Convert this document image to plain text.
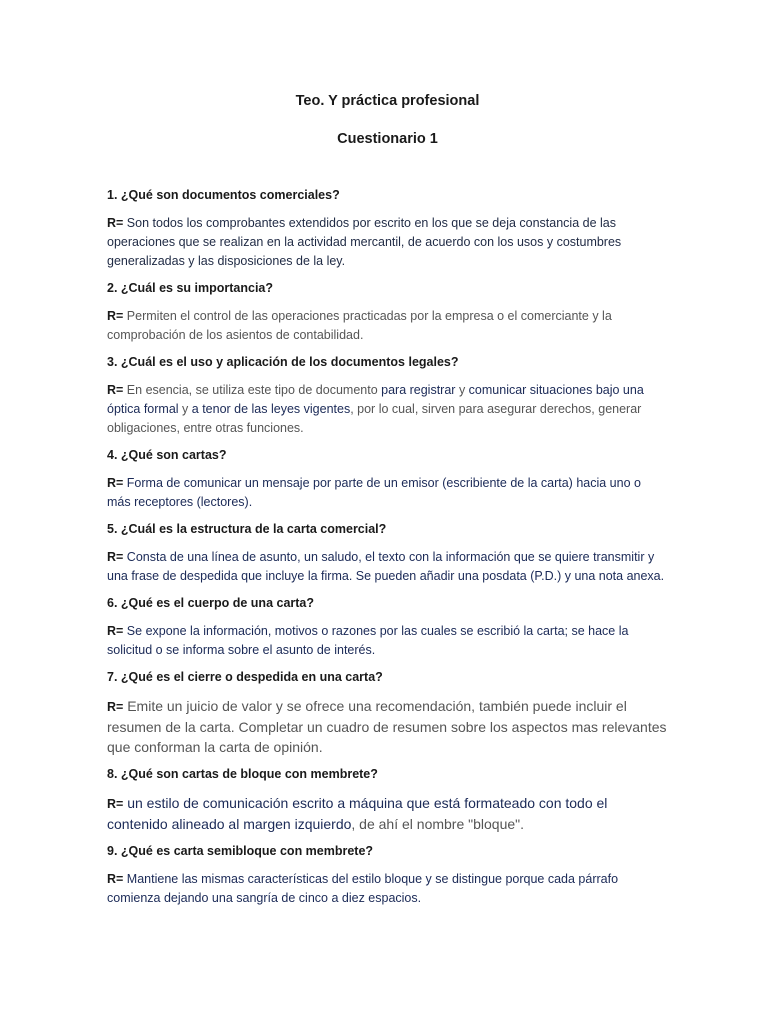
Teo. Y práctica profesional

Cuestionario 1

1. ¿Qué son documentos comerciales?

R= Son todos los comprobantes extendidos por escrito en los que se deja constancia de las operaciones que se realizan en la actividad mercantil, de acuerdo con los usos y costumbres generalizadas y las disposiciones de la ley.

2. ¿Cuál es su importancia?

R= Permiten el control de las operaciones practicadas por la empresa o el comerciante y la comprobación de los asientos de contabilidad.

3. ¿Cuál es el uso y aplicación de los documentos legales?

R= En esencia, se utiliza este tipo de documento para registrar y comunicar situaciones bajo una óptica formal y a tenor de las leyes vigentes, por lo cual, sirven para asegurar derechos, generar obligaciones, entre otras funciones.

4. ¿Qué son cartas?

R= Forma de comunicar un mensaje por parte de un emisor (escribiente de la carta) hacia uno o más receptores (lectores).

5. ¿Cuál es la estructura de la carta comercial?

R= Consta de una línea de asunto, un saludo, el texto con la información que se quiere transmitir y una frase de despedida que incluye la firma. Se pueden añadir una posdata (P.D.) y una nota anexa.

6. ¿Qué es el cuerpo de una carta?

R= Se expone la información, motivos o razones por las cuales se escribió la carta; se hace la solicitud o se informa sobre el asunto de interés.

7. ¿Qué es el cierre o despedida en una carta?

R= Emite un juicio de valor y se ofrece una recomendación, también puede incluir el resumen de la carta. Completar un cuadro de resumen sobre los aspectos mas relevantes que conforman la carta de opinión.

8. ¿Qué son cartas de bloque con membrete?

R= un estilo de comunicación escrito a máquina que está formateado con todo el contenido alineado al margen izquierdo, de ahí el nombre "bloque".

9. ¿Qué es carta semibloque con membrete?

R= Mantiene las mismas características del estilo bloque y se distingue porque cada párrafo comienza dejando una sangría de cinco a diez espacios.
